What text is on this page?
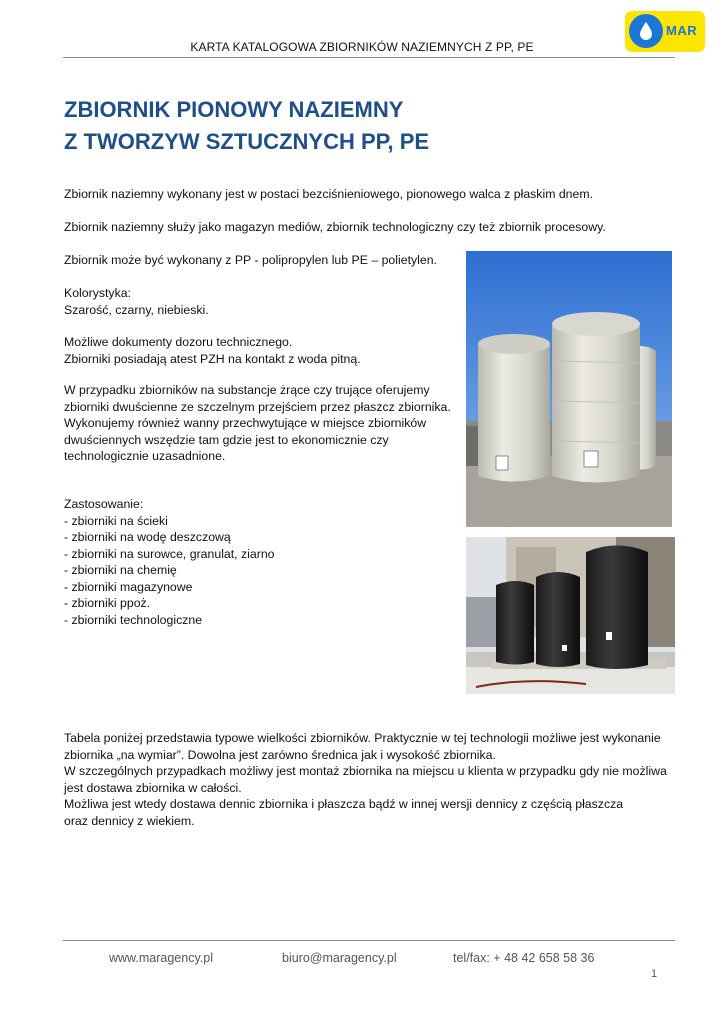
KARTA KATALOGOWA ZBIORNIKÓW NAZIEMNYCH Z PP, PE
MAR
ZBIORNIK PIONOWY NAZIEMNY
Z TWORZYW SZTUCZNYCH PP, PE
Zbiornik naziemny wykonany jest w postaci bezciśnieniowego, pionowego walca z płaskim dnem.
Zbiornik naziemny służy jako magazyn mediów, zbiornik technologiczny czy też zbiornik procesowy.
Zbiornik może być wykonany z PP - polipropylen lub PE – polietylen.
Kolorystyka:
Szarość, czarny, niebieski.
Możliwe dokumenty dozoru technicznego.
Zbiorniki posiadają atest PZH na kontakt z woda pitną.
W przypadku zbiorników na substancje żrące czy trujące oferujemy
zbiorniki dwuścienne ze szczelnym przejściem przez płaszcz zbiornika.
Wykonujemy również wanny przechwytujące w miejsce zbiorników
dwuściennych wszędzie tam gdzie jest to ekonomicznie czy
technologicznie uzasadnione.
Zastosowanie:
- zbiorniki na ścieki
- zbiorniki na wodę deszczową
- zbiorniki na surowce, granulat, ziarno
- zbiorniki na chemię
- zbiorniki magazynowe
- zbiorniki ppoż.
- zbiorniki technologiczne
Tabela poniżej przedstawia typowe wielkości zbiorników. Praktycznie w tej technologii możliwe jest wykonanie
zbiornika „na wymiar”. Dowolna jest zarówno średnica jak i wysokość zbiornika.
W szczególnych przypadkach możliwy jest montaż zbiornika na miejscu u klienta w przypadku gdy nie możliwa
jest dostawa zbiornika w całości.
Możliwa jest wtedy dostawa dennic zbiornika i płaszcza bądź w innej wersji dennicy z częścią płaszcza
oraz dennicy z wiekiem.
www.maragency.pl	biuro@maragency.pl	tel/fax: + 48 42 658 58 36
1
